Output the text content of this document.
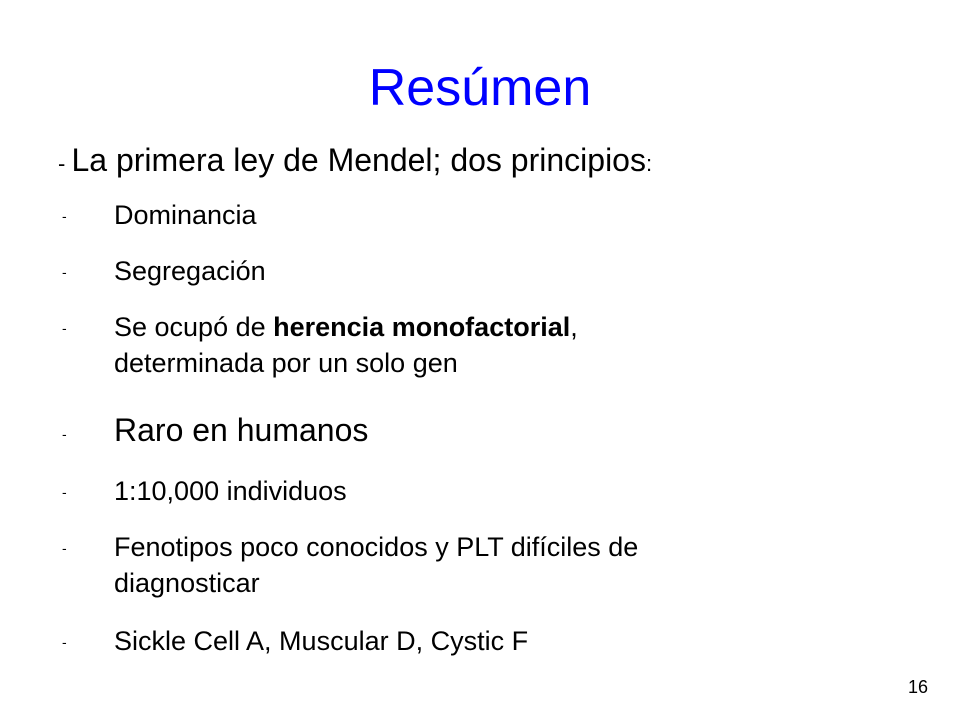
Resúmen
- La primera ley de Mendel; dos principios:
- Dominancia
- Segregación
- Se ocupó de herencia monofactorial,
determinada por un solo gen
- Raro en humanos
- 1:10,000 individuos
- Fenotipos poco conocidos y PLT difíciles de
diagnosticar
- Sickle Cell A, Muscular D, Cystic F
16
